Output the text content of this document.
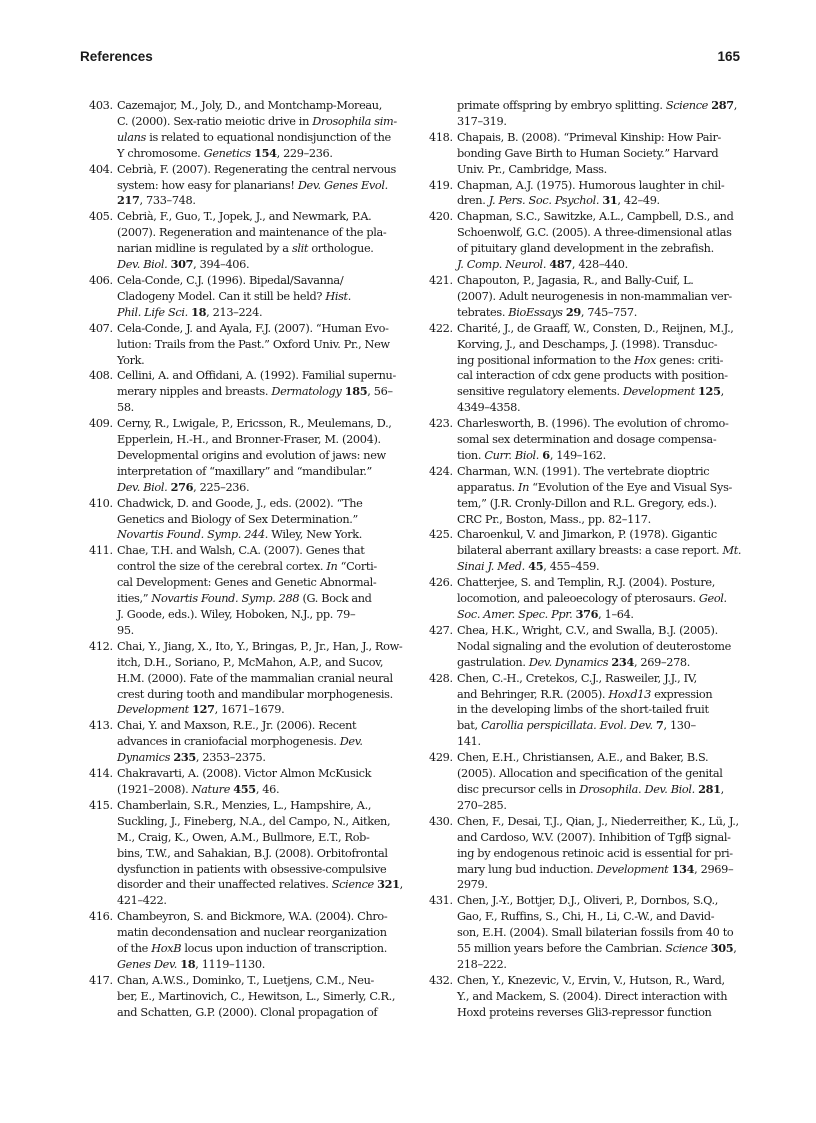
References	165
403. Cazemajor, M., Joly, D., and Montchamp-Moreau,
C. (2000). Sex-ratio meiotic drive in Drosophila sim-
ulans is related to equational nondisjunction of the
Y chromosome. Genetics 154, 229–236.
404. Cebrià, F. (2007). Regenerating the central nervous
system: how easy for planarians! Dev. Genes Evol.
217, 733–748.
405. Cebrià, F., Guo, T., Jopek, J., and Newmark, P.A.
(2007). Regeneration and maintenance of the pla-
narian midline is regulated by a slit orthologue.
Dev. Biol. 307, 394–406.
406. Cela-Conde, C.J. (1996). Bipedal/Savanna/
Cladogeny Model. Can it still be held? Hist.
Phil. Life Sci. 18, 213–224.
407. Cela-Conde, J. and Ayala, F.J. (2007). “Human Evo-
lution: Trails from the Past.” Oxford Univ. Pr., New
York.
408. Cellini, A. and Offidani, A. (1992). Familial supernu-
merary nipples and breasts. Dermatology 185, 56–
58.
409. Cerny, R., Lwigale, P., Ericsson, R., Meulemans, D.,
Epperlein, H.-H., and Bronner-Fraser, M. (2004).
Developmental origins and evolution of jaws: new
interpretation of “maxillary” and “mandibular.”
Dev. Biol. 276, 225–236.
410. Chadwick, D. and Goode, J., eds. (2002). “The
Genetics and Biology of Sex Determination.”
Novartis Found. Symp. 244. Wiley, New York.
411. Chae, T.H. and Walsh, C.A. (2007). Genes that
control the size of the cerebral cortex. In “Corti-
cal Development: Genes and Genetic Abnormal-
ities,” Novartis Found. Symp. 288 (G. Bock and
J. Goode, eds.). Wiley, Hoboken, N.J., pp. 79–
95.
412. Chai, Y., Jiang, X., Ito, Y., Bringas, P., Jr., Han, J., Row-
itch, D.H., Soriano, P., McMahon, A.P., and Sucov,
H.M. (2000). Fate of the mammalian cranial neural
crest during tooth and mandibular morphogenesis.
Development 127, 1671–1679.
413. Chai, Y. and Maxson, R.E., Jr. (2006). Recent
advances in craniofacial morphogenesis. Dev.
Dynamics 235, 2353–2375.
414. Chakravarti, A. (2008). Victor Almon McKusick
(1921–2008). Nature 455, 46.
415. Chamberlain, S.R., Menzies, L., Hampshire, A.,
Suckling, J., Fineberg, N.A., del Campo, N., Aitken,
M., Craig, K., Owen, A.M., Bullmore, E.T., Rob-
bins, T.W., and Sahakian, B.J. (2008). Orbitofrontal
dysfunction in patients with obsessive-compulsive
disorder and their unaffected relatives. Science 321,
421–422.
416. Chambeyron, S. and Bickmore, W.A. (2004). Chro-
matin decondensation and nuclear reorganization
of the HoxB locus upon induction of transcription.
Genes Dev. 18, 1119–1130.
417. Chan, A.W.S., Dominko, T., Luetjens, C.M., Neu-
ber, E., Martinovich, C., Hewitson, L., Simerly, C.R.,
and Schatten, G.P. (2000). Clonal propagation of
primate offspring by embryo splitting. Science 287,
317–319.
418. Chapais, B. (2008). “Primeval Kinship: How Pair-
bonding Gave Birth to Human Society.” Harvard
Univ. Pr., Cambridge, Mass.
419. Chapman, A.J. (1975). Humorous laughter in chil-
dren. J. Pers. Soc. Psychol. 31, 42–49.
420. Chapman, S.C., Sawitzke, A.L., Campbell, D.S., and
Schoenwolf, G.C. (2005). A three-dimensional atlas
of pituitary gland development in the zebrafish.
J. Comp. Neurol. 487, 428–440.
421. Chapouton, P., Jagasia, R., and Bally-Cuif, L.
(2007). Adult neurogenesis in non-mammalian ver-
tebrates. BioEssays 29, 745–757.
422. Charité, J., de Graaff, W., Consten, D., Reijnen, M.J.,
Korving, J., and Deschamps, J. (1998). Transduc-
ing positional information to the Hox genes: criti-
cal interaction of cdx gene products with position-
sensitive regulatory elements. Development 125,
4349–4358.
423. Charlesworth, B. (1996). The evolution of chromo-
somal sex determination and dosage compensa-
tion. Curr. Biol. 6, 149–162.
424. Charman, W.N. (1991). The vertebrate dioptric
apparatus. In “Evolution of the Eye and Visual Sys-
tem,” (J.R. Cronly-Dillon and R.L. Gregory, eds.).
CRC Pr., Boston, Mass., pp. 82–117.
425. Charoenkul, V. and Jimarkon, P. (1978). Gigantic
bilateral aberrant axillary breasts: a case report. Mt.
Sinai J. Med. 45, 455–459.
426. Chatterjee, S. and Templin, R.J. (2004). Posture,
locomotion, and paleoecology of pterosaurs. Geol.
Soc. Amer. Spec. Ppr. 376, 1–64.
427. Chea, H.K., Wright, C.V., and Swalla, B.J. (2005).
Nodal signaling and the evolution of deuterostome
gastrulation. Dev. Dynamics 234, 269–278.
428. Chen, C.-H., Cretekos, C.J., Rasweiler, J.J., IV,
and Behringer, R.R. (2005). Hoxd13 expression
in the developing limbs of the short-tailed fruit
bat, Carollia perspicillata. Evol. Dev. 7, 130–
141.
429. Chen, E.H., Christiansen, A.E., and Baker, B.S.
(2005). Allocation and specification of the genital
disc precursor cells in Drosophila. Dev. Biol. 281,
270–285.
430. Chen, F., Desai, T.J., Qian, J., Niederreither, K., Lü, J.,
and Cardoso, W.V. (2007). Inhibition of Tgfβ signal-
ing by endogenous retinoic acid is essential for pri-
mary lung bud induction. Development 134, 2969–
2979.
431. Chen, J.-Y., Bottjer, D.J., Oliveri, P., Dornbos, S.Q.,
Gao, F., Ruffins, S., Chi, H., Li, C.-W., and David-
son, E.H. (2004). Small bilaterian fossils from 40 to
55 million years before the Cambrian. Science 305,
218–222.
432. Chen, Y., Knezevic, V., Ervin, V., Hutson, R., Ward,
Y., and Mackem, S. (2004). Direct interaction with
Hoxd proteins reverses Gli3-repressor function
